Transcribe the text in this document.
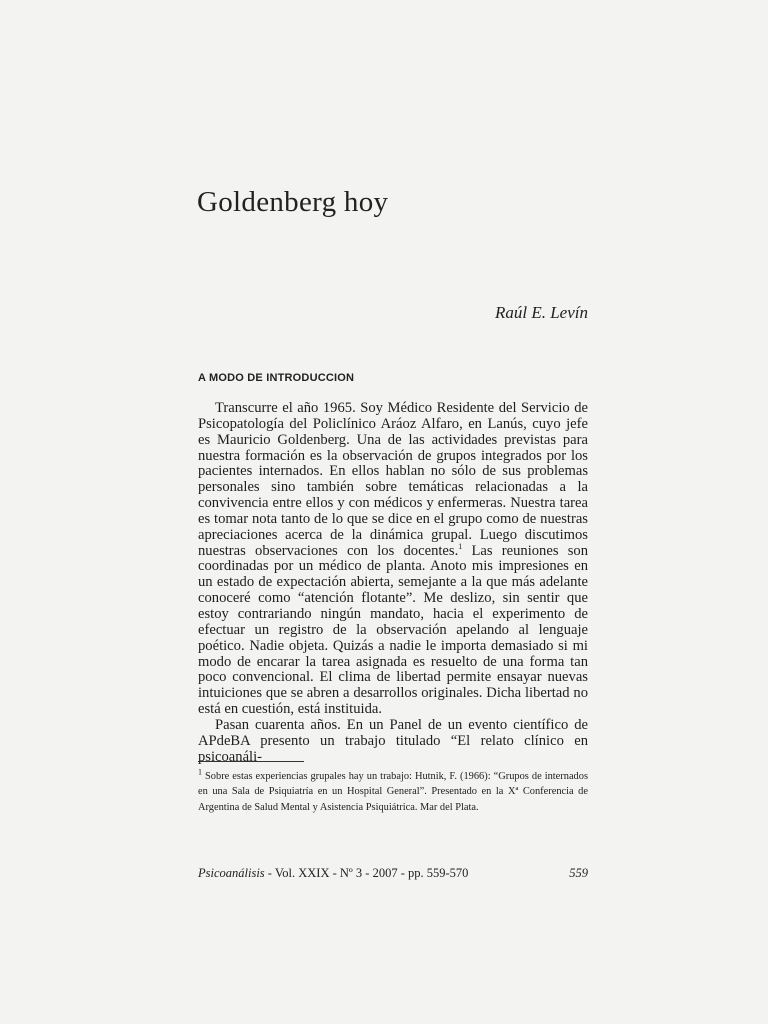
Goldenberg hoy
Raúl E. Levín
A MODO DE INTRODUCCION

Transcurre el año 1965. Soy Médico Residente del Servicio de Psicopatología del Policlínico Aráoz Alfaro, en Lanús, cuyo jefe es Mauricio Goldenberg. Una de las actividades previstas para nuestra formación es la observación de grupos integrados por los pacientes internados. En ellos hablan no sólo de sus problemas personales sino también sobre temáticas relacionadas a la convivencia entre ellos y con médicos y enfermeras. Nuestra tarea es tomar nota tanto de lo que se dice en el grupo como de nuestras apreciaciones acerca de la dinámica grupal. Luego discutimos nuestras observaciones con los docentes.$^1$ Las reuniones son coordinadas por un médico de planta. Anoto mis impresiones en un estado de expectación abierta, semejante a la que más adelante conoceré como “atención flotante”. Me deslizo, sin sentir que estoy contrariando ningún mandato, hacia el experimento de efectuar un registro de la observación apelando al lenguaje poético. Nadie objeta. Quizás a nadie le importa demasiado si mi modo de encarar la tarea asignada es resuelto de una forma tan poco convencional. El clima de libertad permite ensayar nuevas intuiciones que se abren a desarrollos originales. Dicha libertad no está en cuestión, está instituida.

Pasan cuarenta años. En un Panel de un evento científico de APdeBA presento un trabajo titulado “El relato clínico en psicoanáli-

$^1$ Sobre estas experiencias grupales hay un trabajo: Hutnik, F. (1966): “Grupos de internados en una Sala de Psiquiatría en un Hospital General”. Presentado en la Xª Conferencia de Argentina de Salud Mental y Asistencia Psiquiátrica. Mar del Plata.
Psicoanálisis - Vol. XXIX - Nº 3 - 2007 - pp. 559-570	559
